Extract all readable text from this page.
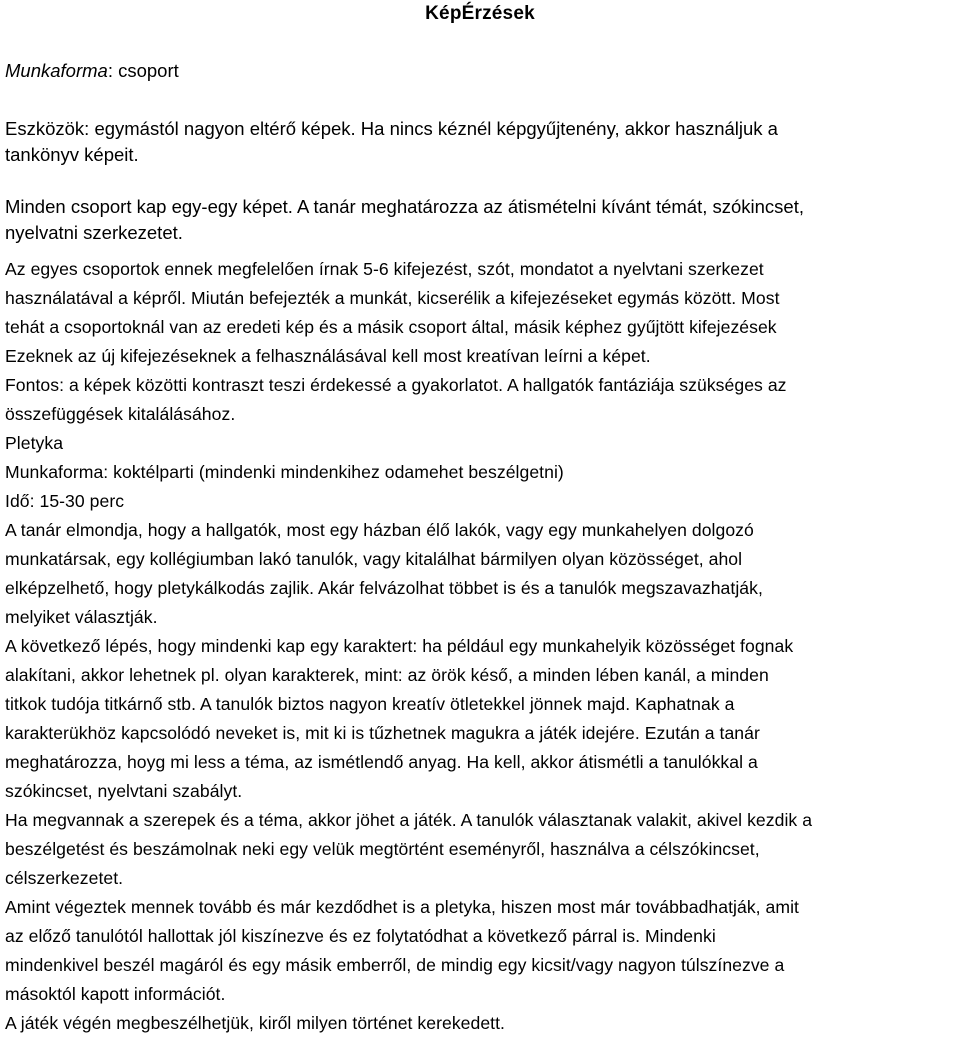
KépÉrzések
Munkaforma: csoport

Eszközök: egymástól nagyon eltérő képek. Ha nincs kéznél képgyűjtenény, akkor használjuk a

tankönyv képeit.

Minden csoport kap egy-egy képet. A tanár meghatározza az átismételni kívánt témát, szókincset,

nyelvatni szerkezetet.

Az egyes csoportok ennek megfelelően írnak 5-6 kifejezést, szót, mondatot a nyelvtani szerkezet

használatával a képről. Miután befejezték a munkát, kicserélik a kifejezéseket egymás között. Most

tehát a csoportoknál van az eredeti kép és a másik csoport által, másik képhez gyűjtött kifejezések

Ezeknek az új kifejezéseknek a felhasználásával kell most kreatívan leírni a képet.

Fontos: a képek közötti kontraszt teszi érdekessé a gyakorlatot. A hallgatók fantáziája szükséges az

összefüggések kitalálásához.

Pletyka

Munkaforma: koktélparti (mindenki mindenkihez odamehet beszélgetni)

Idő: 15-30 perc

A tanár elmondja, hogy a hallgatók, most egy házban élő lakók, vagy egy munkahelyen dolgozó

munkatársak, egy kollégiumban lakó tanulók, vagy kitalálhat bármilyen olyan közösséget, ahol

elképzelhető, hogy pletykálkodás zajlik. Akár felvázolhat többet is és a tanulók megszavazhatják,

melyiket választják.

A következő lépés, hogy mindenki kap egy karaktert: ha például egy munkahelyik közösséget fognak

alakítani, akkor lehetnek pl. olyan karakterek, mint: az örök késő, a minden lében kanál, a minden

titkok tudója titkárnő stb. A tanulók biztos nagyon kreatív ötletekkel jönnek majd. Kaphatnak a

karakterükhöz kapcsolódó neveket is, mit ki is tűzhetnek magukra a játék idejére. Ezután a tanár

meghatározza, hoyg mi less a téma, az ismétlendő anyag. Ha kell, akkor átismétli a tanulókkal a

szókincset, nyelvtani szabályt.

Ha megvannak a szerepek és a téma, akkor jöhet a játék. A tanulók választanak valakit, akivel kezdik a

beszélgetést és beszámolnak neki egy velük megtörtént eseményről, használva a célszókincset,

célszerkezetet.

Amint végeztek mennek tovább és már kezdődhet is a pletyka, hiszen most már továbbadhatják, amit

az előző tanulótól hallottak jól kiszínezve és ez folytatódhat a következő párral is. Mindenki

mindenkivel beszél magáról és egy másik emberről, de mindig egy kicsit/vagy nagyon túlszínezve a

másoktól kapott információt.

A játék végén megbeszélhetjük, kiről milyen történet kerekedett.
